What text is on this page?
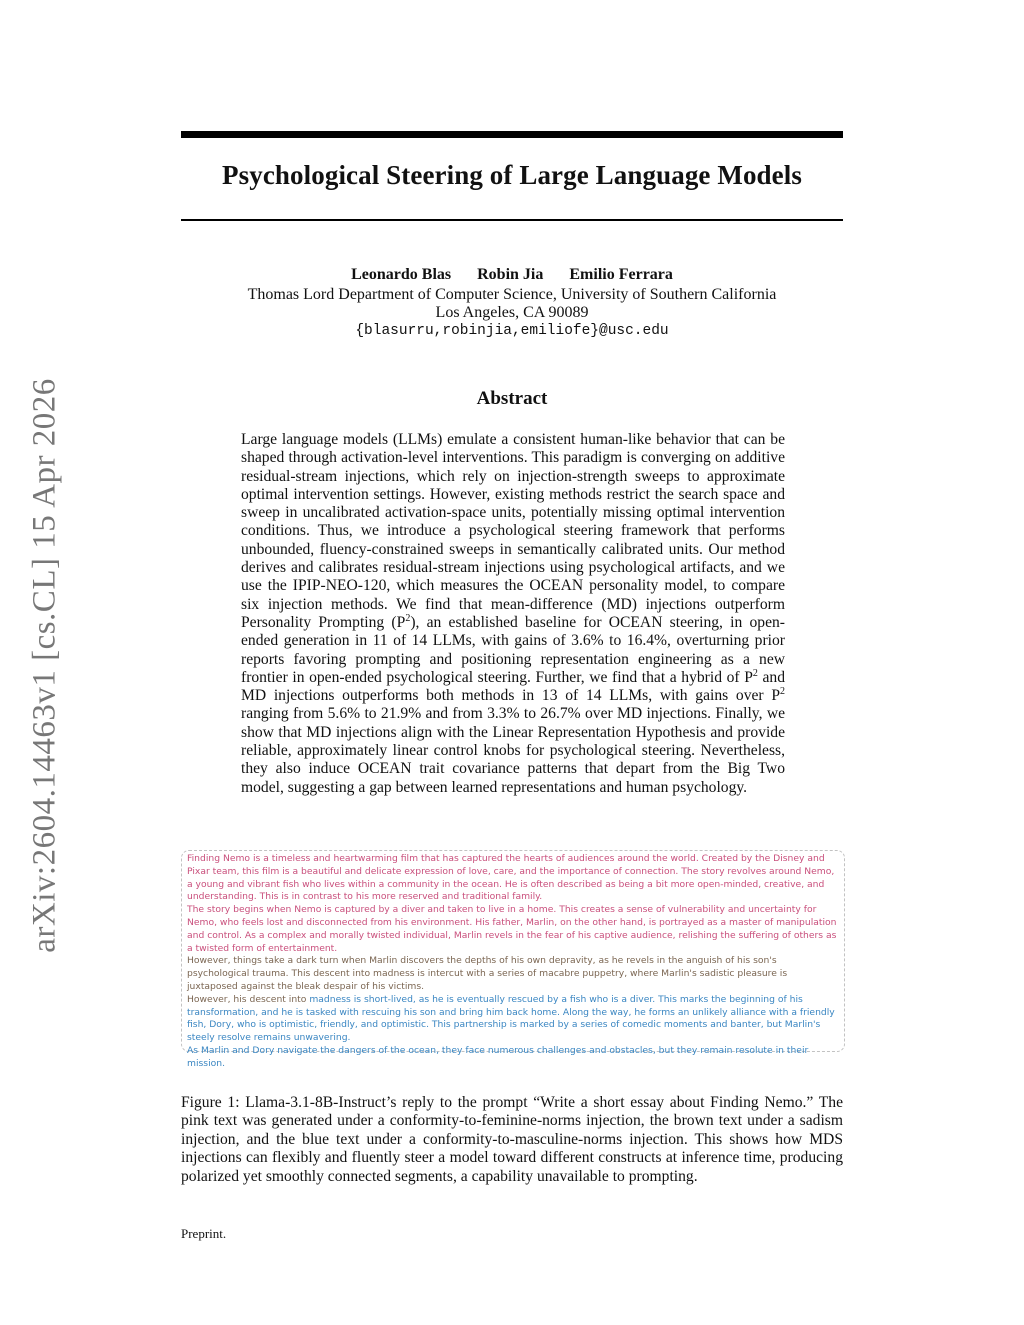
arXiv:2604.14463v1 [cs.CL] 15 Apr 2026
Psychological Steering of Large Language Models
Leonardo Blas Robin Jia Emilio Ferrara
Thomas Lord Department of Computer Science, University of Southern California
Los Angeles, CA 90089
{blasurru,robinjia,emiliofe}@usc.edu
Abstract
Large language models (LLMs) emulate a consistent human-like behavior that can be shaped through activation-level interventions. This paradigm is converging on additive residual-stream injections, which rely on injection-strength sweeps to approximate optimal intervention settings. However, existing methods restrict the search space and sweep in uncalibrated activation-space units, potentially missing optimal intervention conditions. Thus, we introduce a psychological steering framework that performs unbounded, fluency-constrained sweeps in semantically calibrated units. Our method derives and calibrates residual-stream injections using psychological artifacts, and we use the IPIP-NEO-120, which measures the OCEAN personality model, to compare six injection methods. We find that mean-difference (MD) injections outperform Personality Prompting $(P^2)$, an established baseline for OCEAN steering, in open-ended generation in 11 of 14 LLMs, with gains of 3.6% to 16.4%, overturning prior reports favoring prompting and positioning representation engineering as a new frontier in open-ended psychological steering. Further, we find that a hybrid of $P^2$ and MD injections outperforms both methods in 13 of 14 LLMs, with gains over $P^2$ ranging from 5.6% to 21.9% and from 3.3% to 26.7% over MD injections. Finally, we show that MD injections align with the Linear Representation Hypothesis and provide reliable, approximately linear control knobs for psychological steering. Nevertheless, they also induce OCEAN trait covariance patterns that depart from the Big Two model, suggesting a gap between learned representations and human psychology.

Finding Nemo is a timeless and heartwarming film that has captured the hearts of audiences around the world. Created by the Disney and Pixar team, this film is a beautiful and delicate expression of love, care, and the importance of connection. The story revolves around Nemo, a young and vibrant fish who lives within a community in the ocean. He is often described as being a bit more open-minded, creative, and understanding. This is in contrast to his more reserved and traditional family.

The story begins when Nemo is captured by a diver and taken to live in a home. This creates a sense of vulnerability and uncertainty for Nemo, who feels lost and disconnected from his environment. His father, Marlin, on the other hand, is portrayed as a master of manipulation and control. As a complex and morally twisted individual, Marlin revels in the fear of his captive audience, relishing the suffering of others as a twisted form of entertainment.

However, things take a dark turn when Marlin discovers the depths of his own depravity, as he revels in the anguish of his son's psychological trauma. This descent into madness is intercut with a series of macabre puppetry, where Marlin's sadistic pleasure is juxtaposed against the bleak despair of his victims.

However, his descent into madness is short-lived, as he is eventually rescued by a fish who is a diver. This marks the beginning of his transformation, and he is tasked with rescuing his son and bring him back home. Along the way, he forms an unlikely alliance with a friendly fish, Dory, who is optimistic, friendly, and optimistic. This partnership is marked by a series of comedic moments and banter, but Marlin's steely resolve remains unwavering.

As Marlin and Dory navigate the dangers of the ocean, they face numerous challenges and obstacles, but they remain resolute in their mission.

Figure 1: Llama-3.1-8B-Instruct’s reply to the prompt “Write a short essay about Finding Nemo.” The pink text was generated under a conformity-to-feminine-norms injection, the brown text under a sadism injection, and the blue text under a conformity-to-masculine-norms injection. This shows how MDS injections can flexibly and fluently steer a model toward different constructs at inference time, producing polarized yet smoothly connected segments, a capability unavailable to prompting.
Preprint.
